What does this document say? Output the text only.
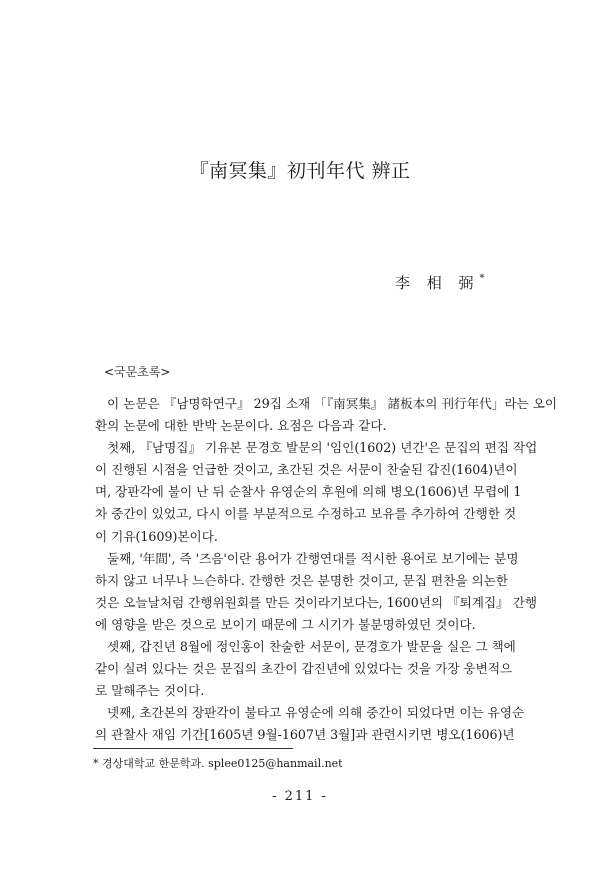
『南冥集』初刊年代 辨正
李 相 弼*
<국문초록>
이 논문은 『남명학연구』 29집 소재 「『南冥集』 諸板本의 刊行年代」라는 오이
환의 논문에 대한 반박 논문이다. 요점은 다음과 같다.
첫째, 『남명집』 기유본 문경호 발문의 '임인(1602) 년간'은 문집의 편집 작업
이 진행된 시점을 언급한 것이고, 초간된 것은 서문이 찬술된 갑진(1604)년이
며, 장판각에 불이 난 뒤 순찰사 유영순의 후원에 의해 병오(1606)년 무렵에 1
차 중간이 있었고, 다시 이를 부분적으로 수정하고 보유를 추가하여 간행한 것
이 기유(1609)본이다.
둘째, '年間', 즉 '즈음'이란 용어가 간행연대를 적시한 용어로 보기에는 분명
하지 않고 너무나 느슨하다. 간행한 것은 분명한 것이고, 문집 편찬을 의논한
것은 오늘날처럼 간행위원회를 만든 것이라기보다는, 1600년의 『퇴계집』 간행
에 영향을 받은 것으로 보이기 때문에 그 시기가 불분명하였던 것이다.
셋째, 갑진년 8월에 정인홍이 찬술한 서문이, 문경호가 발문을 실은 그 책에
같이 실려 있다는 것은 문집의 초간이 갑진년에 있었다는 것을 가장 웅변적으
로 말해주는 것이다.
넷째, 초간본의 장판각이 불타고 유영순에 의해 중간이 되었다면 이는 유영순
의 관찰사 재임 기간[1605년 9월-1607년 3월]과 관련시키면 병오(1606)년
* 경상대학교 한문학과. splee0125@hanmail.net
- 211 -
